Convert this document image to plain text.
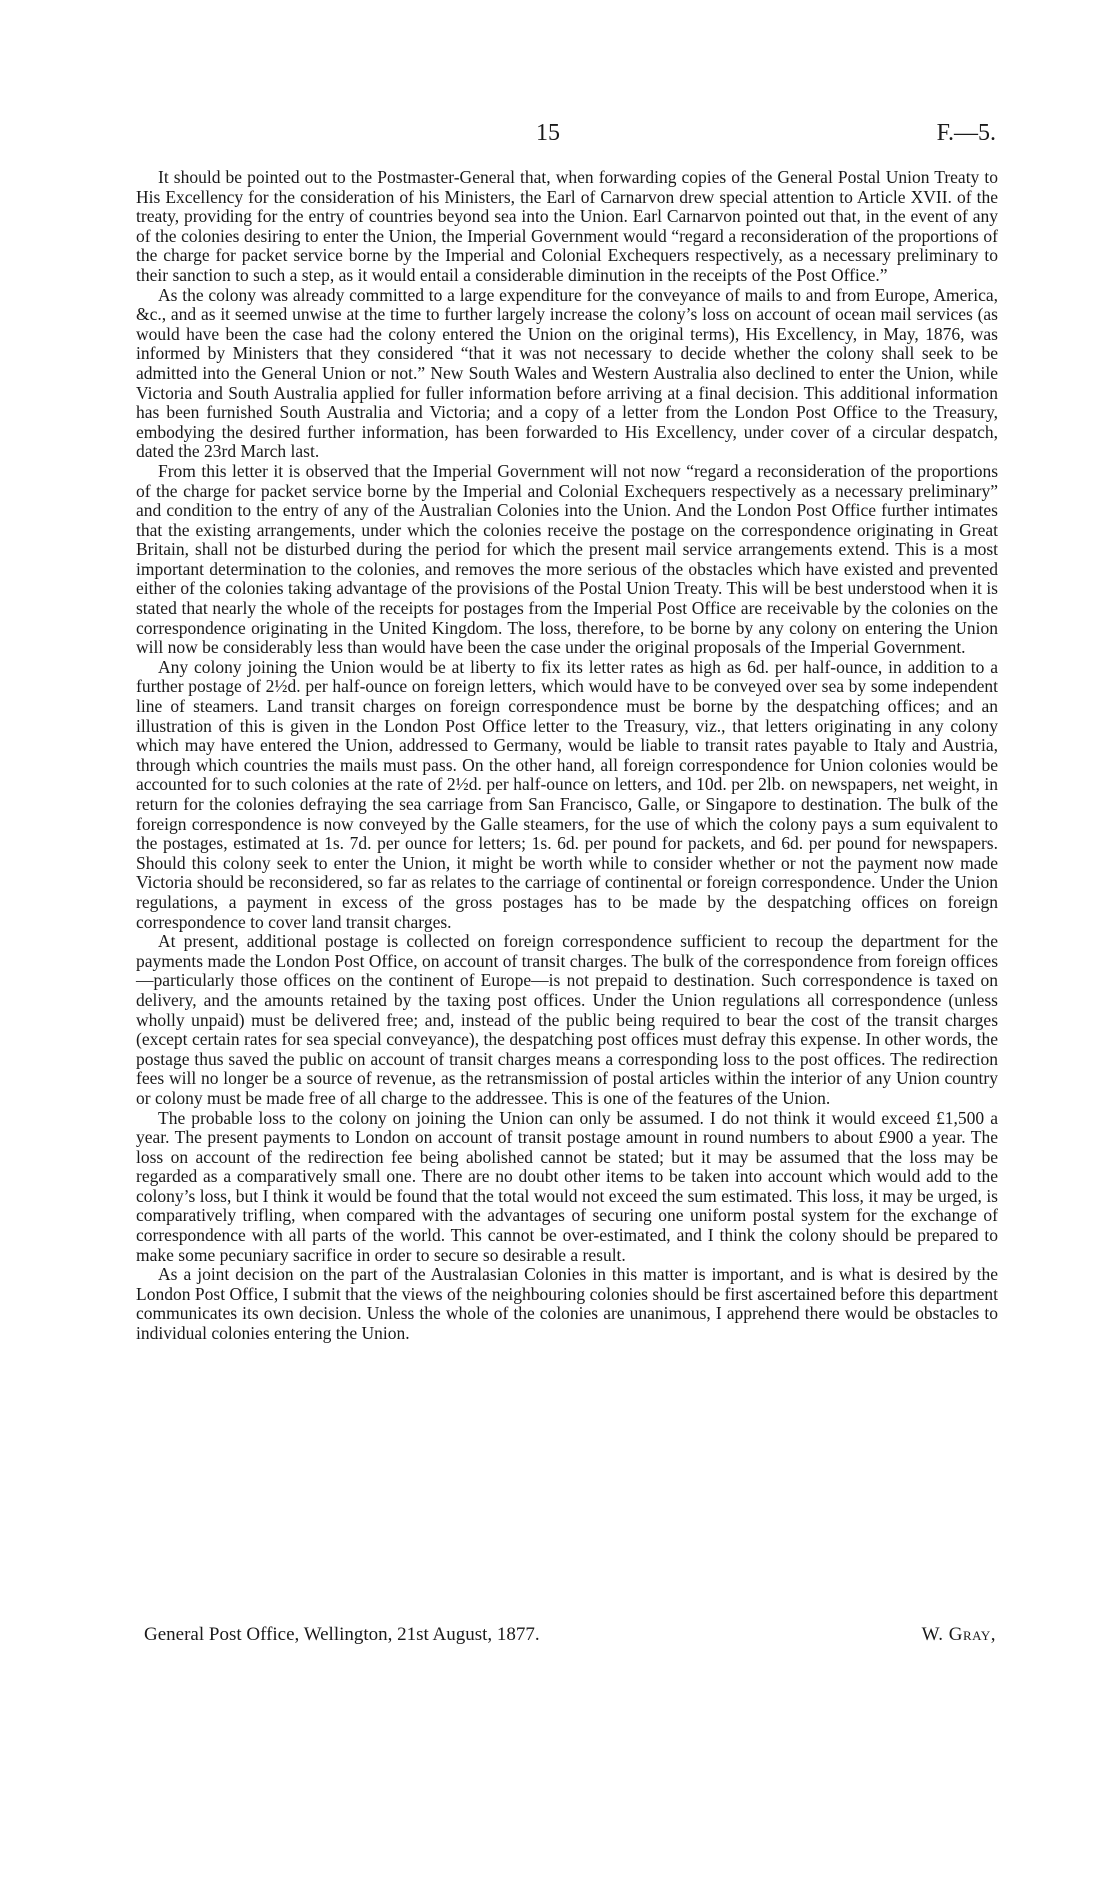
15	F.—5.

It should be pointed out to the Postmaster-General that, when forwarding copies of the General Postal Union Treaty to His Excellency for the consideration of his Ministers, the Earl of Carnarvon drew special attention to Article XVII. of the treaty, providing for the entry of countries beyond sea into the Union. Earl Carnarvon pointed out that, in the event of any of the colonies desiring to enter the Union, the Imperial Government would “regard a reconsideration of the proportions of the charge for packet service borne by the Imperial and Colonial Exchequers respectively, as a necessary preliminary to their sanction to such a step, as it would entail a considerable diminution in the receipts of the Post Office.”

As the colony was already committed to a large expenditure for the conveyance of mails to and from Europe, America, &c., and as it seemed unwise at the time to further largely increase the colony’s loss on account of ocean mail services (as would have been the case had the colony entered the Union on the original terms), His Excellency, in May, 1876, was informed by Ministers that they considered “that it was not necessary to decide whether the colony shall seek to be admitted into the General Union or not.” New South Wales and Western Australia also declined to enter the Union, while Victoria and South Australia applied for fuller information before arriving at a final decision. This additional information has been furnished South Australia and Victoria; and a copy of a letter from the London Post Office to the Treasury, embodying the desired further information, has been forwarded to His Excellency, under cover of a circular despatch, dated the 23rd March last.

From this letter it is observed that the Imperial Government will not now “regard a reconsideration of the proportions of the charge for packet service borne by the Imperial and Colonial Exchequers respectively as a necessary preliminary” and condition to the entry of any of the Australian Colonies into the Union. And the London Post Office further intimates that the existing arrangements, under which the colonies receive the postage on the correspondence originating in Great Britain, shall not be disturbed during the period for which the present mail service arrangements extend. This is a most important determination to the colonies, and removes the more serious of the obstacles which have existed and prevented either of the colonies taking advantage of the provisions of the Postal Union Treaty. This will be best understood when it is stated that nearly the whole of the receipts for postages from the Imperial Post Office are receivable by the colonies on the correspondence originating in the United Kingdom. The loss, therefore, to be borne by any colony on entering the Union will now be considerably less than would have been the case under the original proposals of the Imperial Government.

Any colony joining the Union would be at liberty to fix its letter rates as high as 6d. per half-ounce, in addition to a further postage of 2½d. per half-ounce on foreign letters, which would have to be conveyed over sea by some independent line of steamers. Land transit charges on foreign correspondence must be borne by the despatching offices; and an illustration of this is given in the London Post Office letter to the Treasury, viz., that letters originating in any colony which may have entered the Union, addressed to Germany, would be liable to transit rates payable to Italy and Austria, through which countries the mails must pass. On the other hand, all foreign correspondence for Union colonies would be accounted for to such colonies at the rate of 2½d. per half-ounce on letters, and 10d. per 2lb. on newspapers, net weight, in return for the colonies defraying the sea carriage from San Francisco, Galle, or Singapore to destination. The bulk of the foreign correspondence is now conveyed by the Galle steamers, for the use of which the colony pays a sum equivalent to the postages, estimated at 1s. 7d. per ounce for letters; 1s. 6d. per pound for packets, and 6d. per pound for newspapers. Should this colony seek to enter the Union, it might be worth while to consider whether or not the payment now made Victoria should be reconsidered, so far as relates to the carriage of continental or foreign correspondence. Under the Union regulations, a payment in excess of the gross postages has to be made by the despatching offices on foreign correspondence to cover land transit charges.

At present, additional postage is collected on foreign correspondence sufficient to recoup the department for the payments made the London Post Office, on account of transit charges. The bulk of the correspondence from foreign offices—particularly those offices on the continent of Europe—is not prepaid to destination. Such correspondence is taxed on delivery, and the amounts retained by the taxing post offices. Under the Union regulations all correspondence (unless wholly unpaid) must be delivered free; and, instead of the public being required to bear the cost of the transit charges (except certain rates for sea special conveyance), the despatching post offices must defray this expense. In other words, the postage thus saved the public on account of transit charges means a corresponding loss to the post offices. The redirection fees will no longer be a source of revenue, as the retransmission of postal articles within the interior of any Union country or colony must be made free of all charge to the addressee. This is one of the features of the Union.

The probable loss to the colony on joining the Union can only be assumed. I do not think it would exceed £1,500 a year. The present payments to London on account of transit postage amount in round numbers to about £900 a year. The loss on account of the redirection fee being abolished cannot be stated; but it may be assumed that the loss may be regarded as a comparatively small one. There are no doubt other items to be taken into account which would add to the colony’s loss, but I think it would be found that the total would not exceed the sum estimated. This loss, it may be urged, is comparatively trifling, when compared with the advantages of securing one uniform postal system for the exchange of correspondence with all parts of the world. This cannot be over-estimated, and I think the colony should be prepared to make some pecuniary sacrifice in order to secure so desirable a result.

As a joint decision on the part of the Australasian Colonies in this matter is important, and is what is desired by the London Post Office, I submit that the views of the neighbouring colonies should be first ascertained before this department communicates its own decision. Unless the whole of the colonies are unanimous, I apprehend there would be obstacles to individual colonies entering the Union.

General Post Office, Wellington, 21st August, 1877.	W. Gray,
